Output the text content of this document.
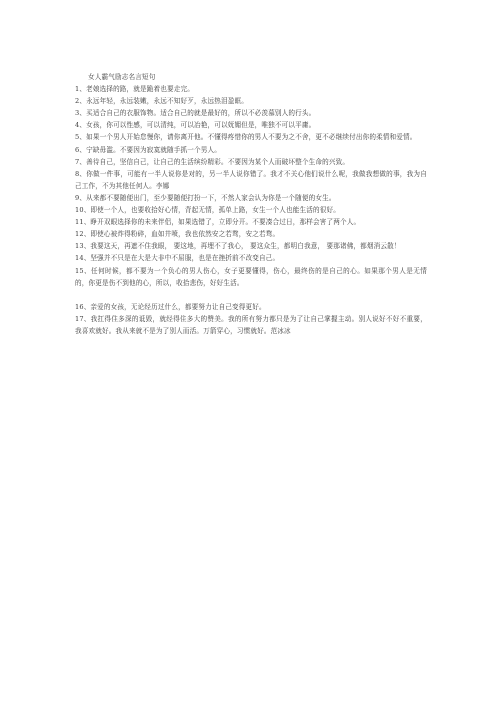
女人霸气励志名言短句

1、老娘选择的路，就是跪着也要走完。

2、永远年轻，永远装嫩，永远不知好歹，永远热泪盈眶。

3、买适合自己的衣服饰物。适合自己的就是最好的，所以不必羡慕别人的行头。

4、女孩，你可以性感，可以清纯，可以冶艳，可以妩媚但是，唯独不可以平庸。

5、如果一个男人开始怠慢你，请你离开他。不懂得疼惜你的男人不要为之不舍，更不必继续付出你的柔情和爱情。

6、宁缺毋滥。不要因为寂寞就随手抓一个男人。

7、善待自己，坚信自己，让自己的生活缤纷精彩。不要因为某个人而破坏整个生命的兴致。

8、你做一件事，可能有一半人说你是对的，另一半人说你错了。我才不关心他们说什么呢，我做我想做的事，我为自己工作，不为其他任何人。李娜

9、从来都不要随便出门，至少要随便打扮一下，不然人家会认为你是一个随便的女生。

10、即使一个人，也要收拾好心情，背起无情，孤单上路，女生一个人也能生活的很好。

11、睁开双眼选择你的未来伴侣，如果选错了，立即分开。不要凑合过日，那样会害了两个人。

12、即使心被炸得粉碎，血如井喷，我也依然安之若骛，安之若骛。

13、我要这天，再遮不住我眼， 要这地，再埋不了我心， 要这众生，都明白我意， 要那诸佛，都烟消云散！

14、坚强并不只是在大是大非中不屈服，也是在挫折前不改变自己。

15、任何时候，都不要为一个负心的男人伤心，女子更要懂得，伤心，最终伤的是自己的心。如果那个男人是无情的，你更是伤不到他的心，所以，收拾悲伤，好好生活。

16、亲爱的女孩，无论经历过什么，都要努力让自己变得更好。

17、我扛得住多深的诋毁，就经得住多大的赞美。我的所有努力都只是为了让自己掌握主动。别人说好不好不重要，我喜欢就好。我从来就不是为了别人而活。万箭穿心，习惯就好。范冰冰
